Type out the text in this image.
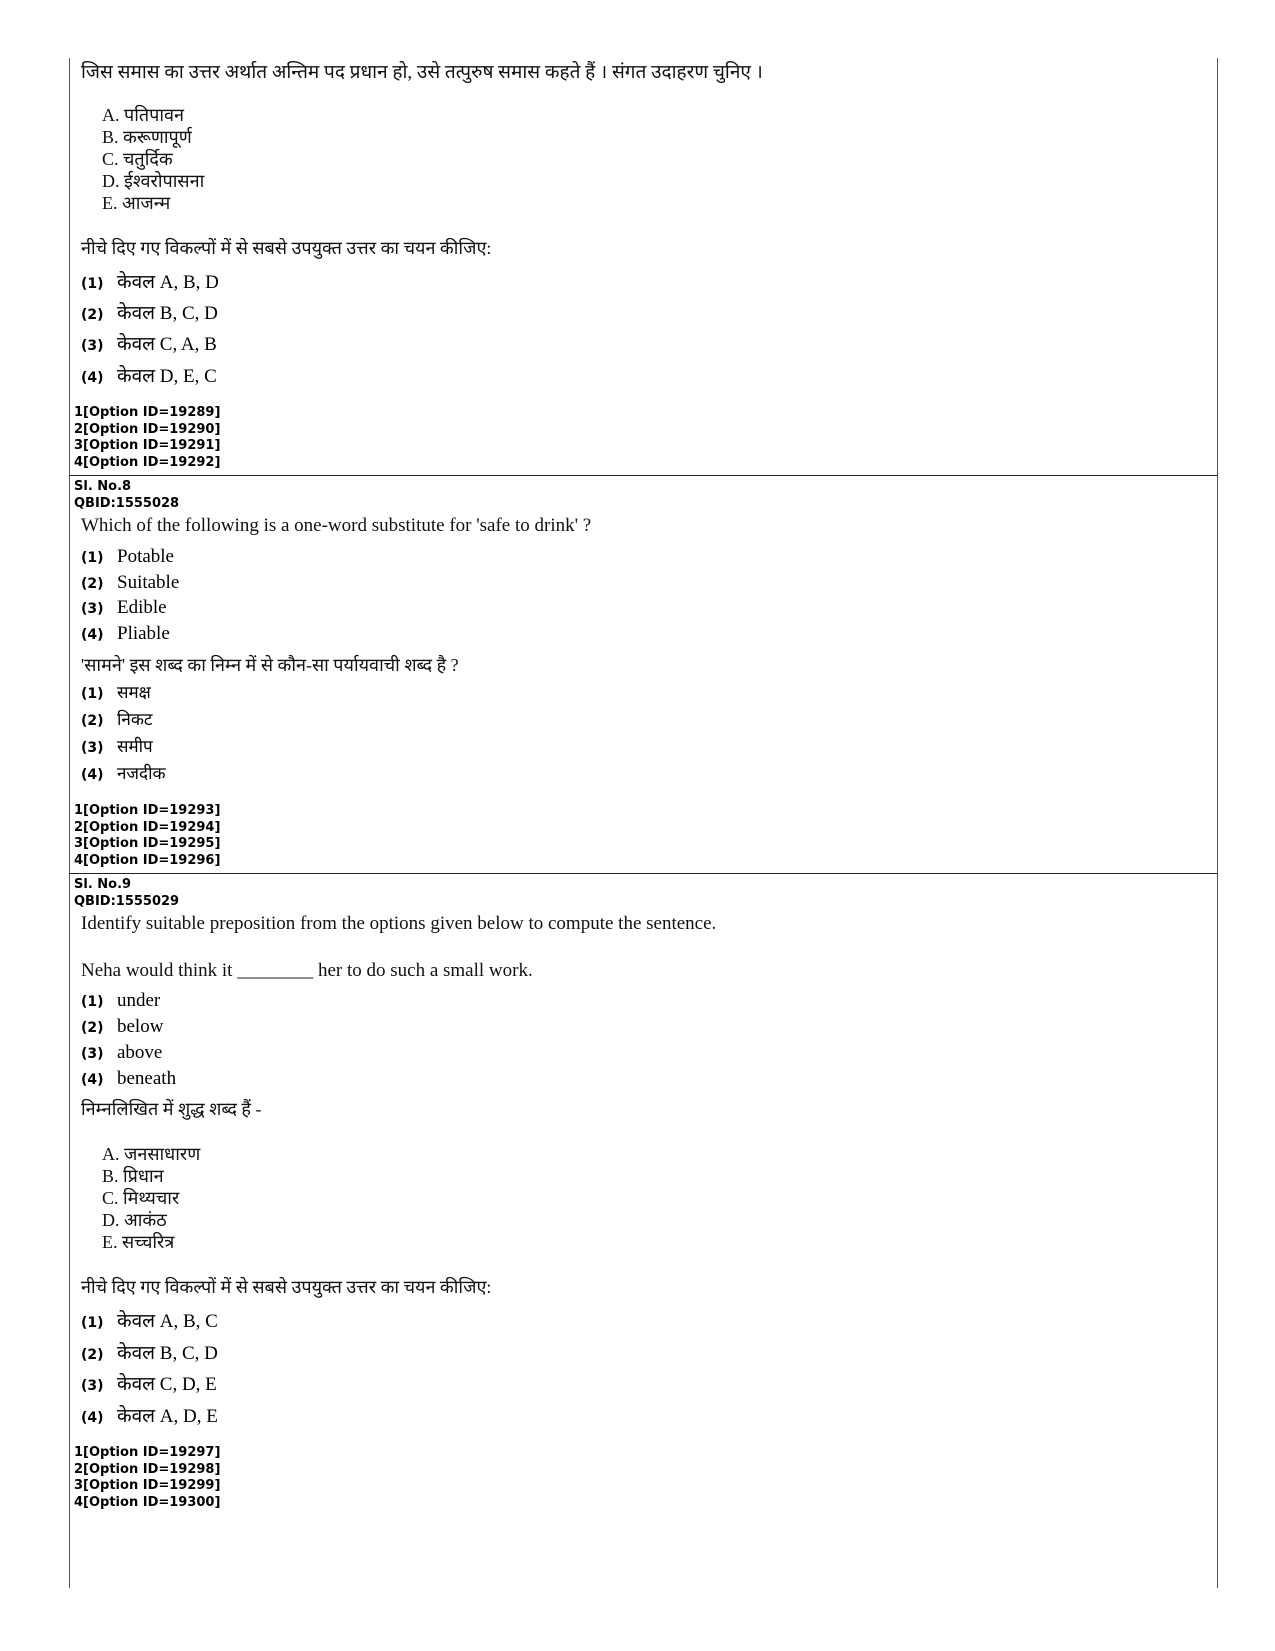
जिस समास का उत्तर अर्थात अन्तिम पद प्रधान हो, उसे तत्पुरुष समास कहते हैं । संगत उदाहरण चुनिए ।
A. पतिपावन
B. करूणापूर्ण
C. चतुर्दिक
D. ईश्वरोपासना
E. आजन्म
नीचे दिए गए विकल्पों में से सबसे उपयुक्त उत्तर का चयन कीजिए:
(1) केवल A, B, D
(2) केवल B, C, D
(3) केवल C, A, B
(4) केवल D, E, C
1[Option ID=19289]
2[Option ID=19290]
3[Option ID=19291]
4[Option ID=19292]
Sl. No.8
QBID:1555028
Which of the following is a one-word substitute for 'safe to drink' ?
(1) Potable
(2) Suitable
(3) Edible
(4) Pliable
'सामने' इस शब्द का निम्न में से कौन-सा पर्यायवाची शब्द है ?
(1) समक्ष
(2) निकट
(3) समीप
(4) नजदीक
1[Option ID=19293]
2[Option ID=19294]
3[Option ID=19295]
4[Option ID=19296]
Sl. No.9
QBID:1555029
Identify suitable preposition from the options given below to compute the sentence.
Neha would think it ________ her to do such a small work.
(1) under
(2) below
(3) above
(4) beneath
निम्नलिखित में शुद्ध शब्द हैं -
A. जनसाधारण
B. प्रिधान
C. मिथ्यचार
D. आकंठ
E. सच्चरित्र
नीचे दिए गए विकल्पों में से सबसे उपयुक्त उत्तर का चयन कीजिए:
(1) केवल A, B, C
(2) केवल B, C, D
(3) केवल C, D, E
(4) केवल A, D, E
1[Option ID=19297]
2[Option ID=19298]
3[Option ID=19299]
4[Option ID=19300]
